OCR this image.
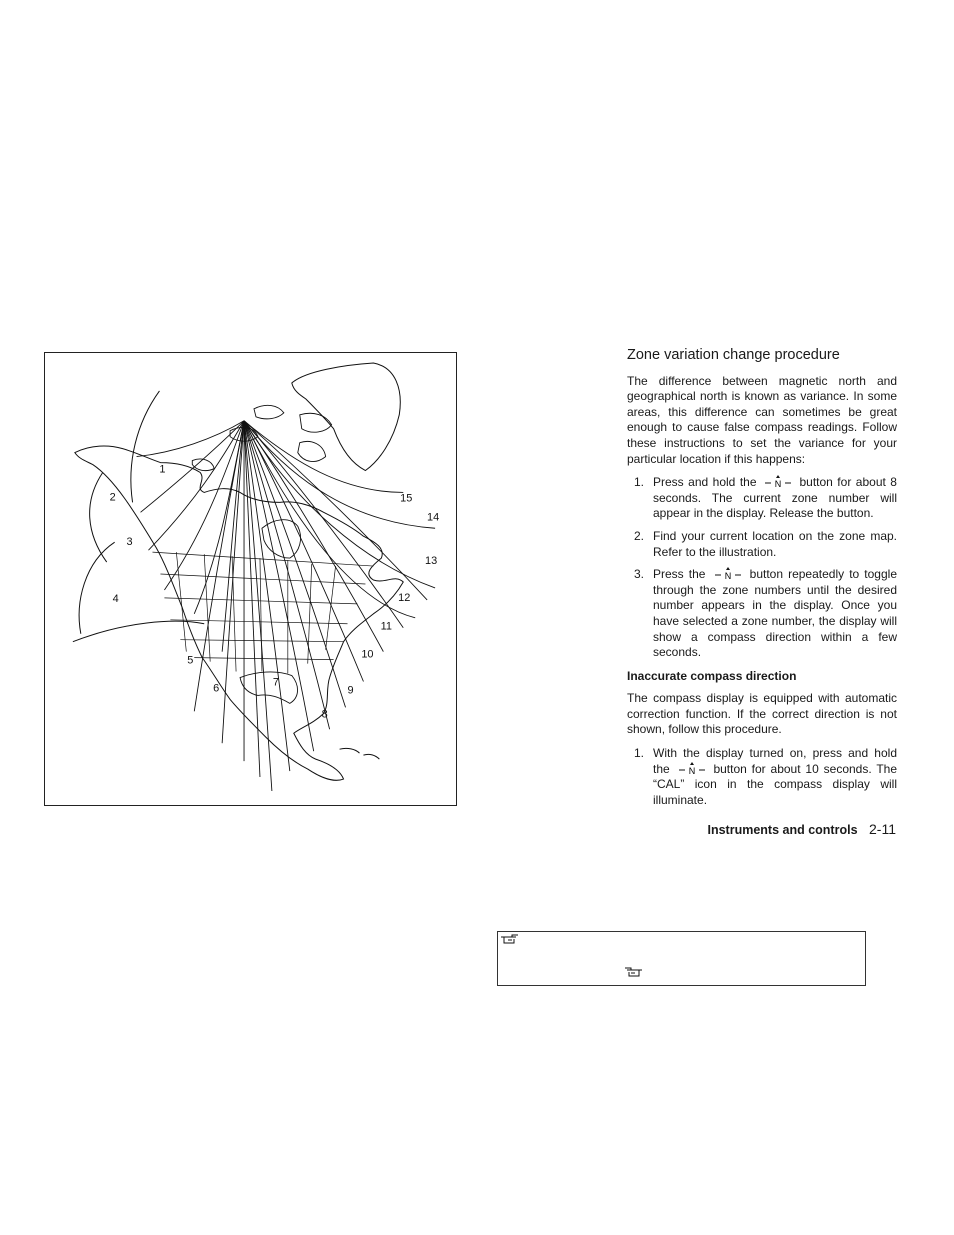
1
2
3
4
5
6	7
8
9
10
11
12
13
14
15
Zone variation change procedure

The difference between magnetic north and geographical north is known as variance. In some areas, this difference can sometimes be great enough to cause false compass readings. Follow these instructions to set the variance for your particular location if this happens:

1. Press and hold the N button for about 8 seconds. The current zone number will appear in the display. Release the button.
2. Find your current location on the zone map. Refer to the illustration.
3. Press the N button repeatedly to toggle through the zone numbers until the desired number appears in the display. Once you have selected a zone number, the display will show a compass direction within a few seconds.
Inaccurate compass direction

The compass display is equipped with automatic correction function. If the correct direction is not shown, follow this procedure.

1. With the display turned on, press and hold the N button for about 10 seconds. The “CAL” icon in the compass display will illuminate.
Instruments and controls 2-11
